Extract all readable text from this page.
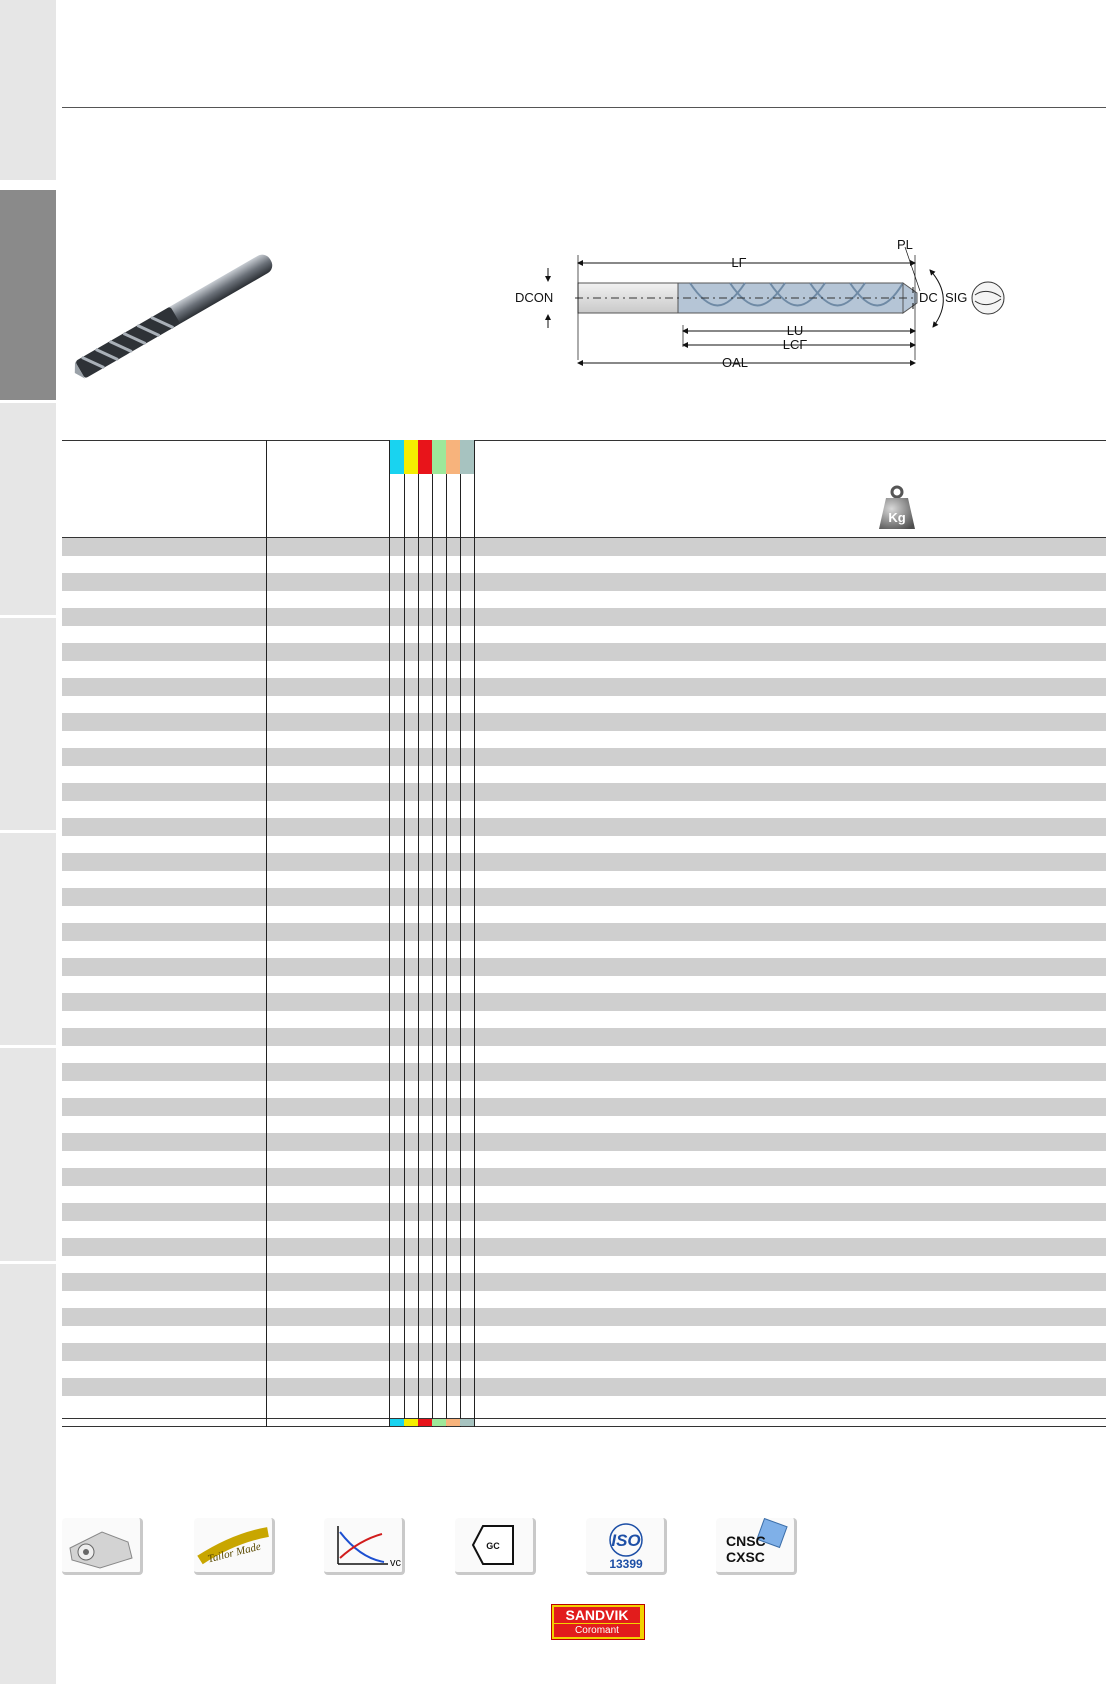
LF
PL
DCON	DC SIG
LU
LCF
OAL
Kg
Tailor Made	vc
GC	ISO
13399
CNSC
CXSC
SANDVIK
Coromant
